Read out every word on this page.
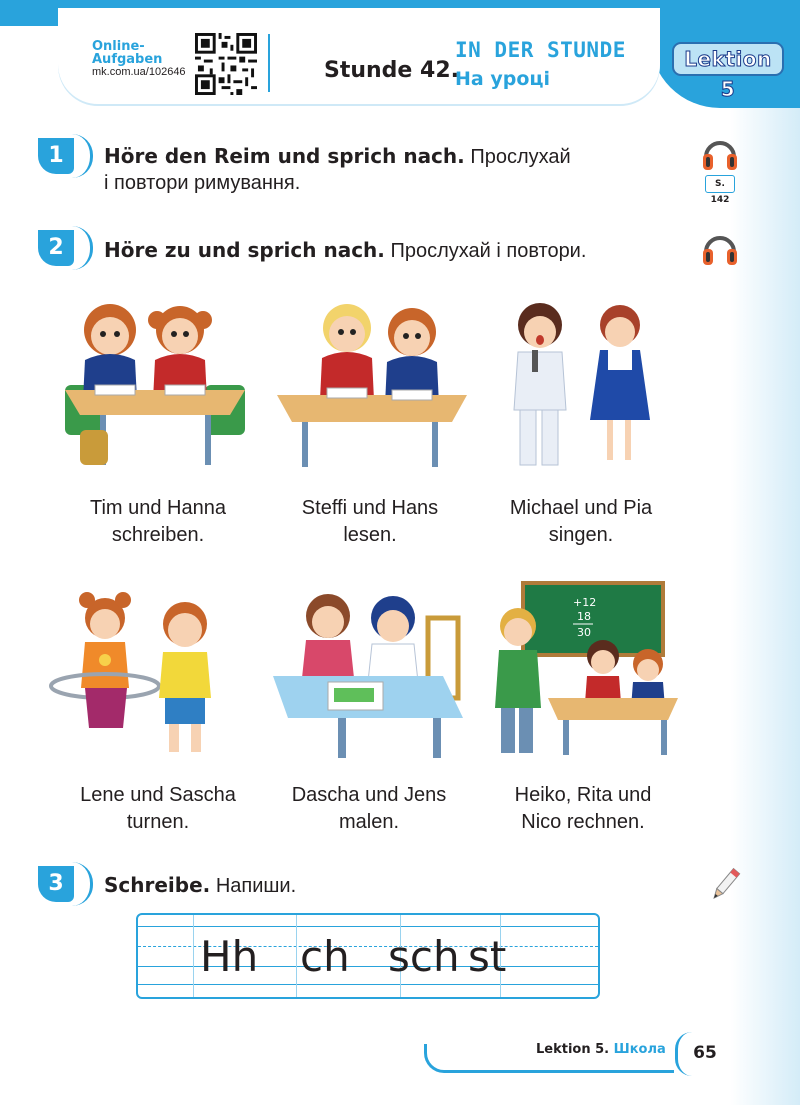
Lektion 5
Online-
Aufgaben
mk.com.ua/102646	Stunde 42.
IN DER STUNDE
На уроці
1	Höre den Reim und sprich nach. Прослухай
і повтори римування.	S. 142
2	Höre zu und sprich nach. Прослухай і повтори.
Tim und Hanna
schreiben.
Steffi und Hans
lesen.
Michael und Pia
singen.
Lene und Sascha
turnen.
Dascha und Jens
malen.
+12
18
30
Heiko, Rita und
Nico rechnen.
3	Schreibe. Напиши.
Hh ch sch st
Lektion 5. Школа	65
